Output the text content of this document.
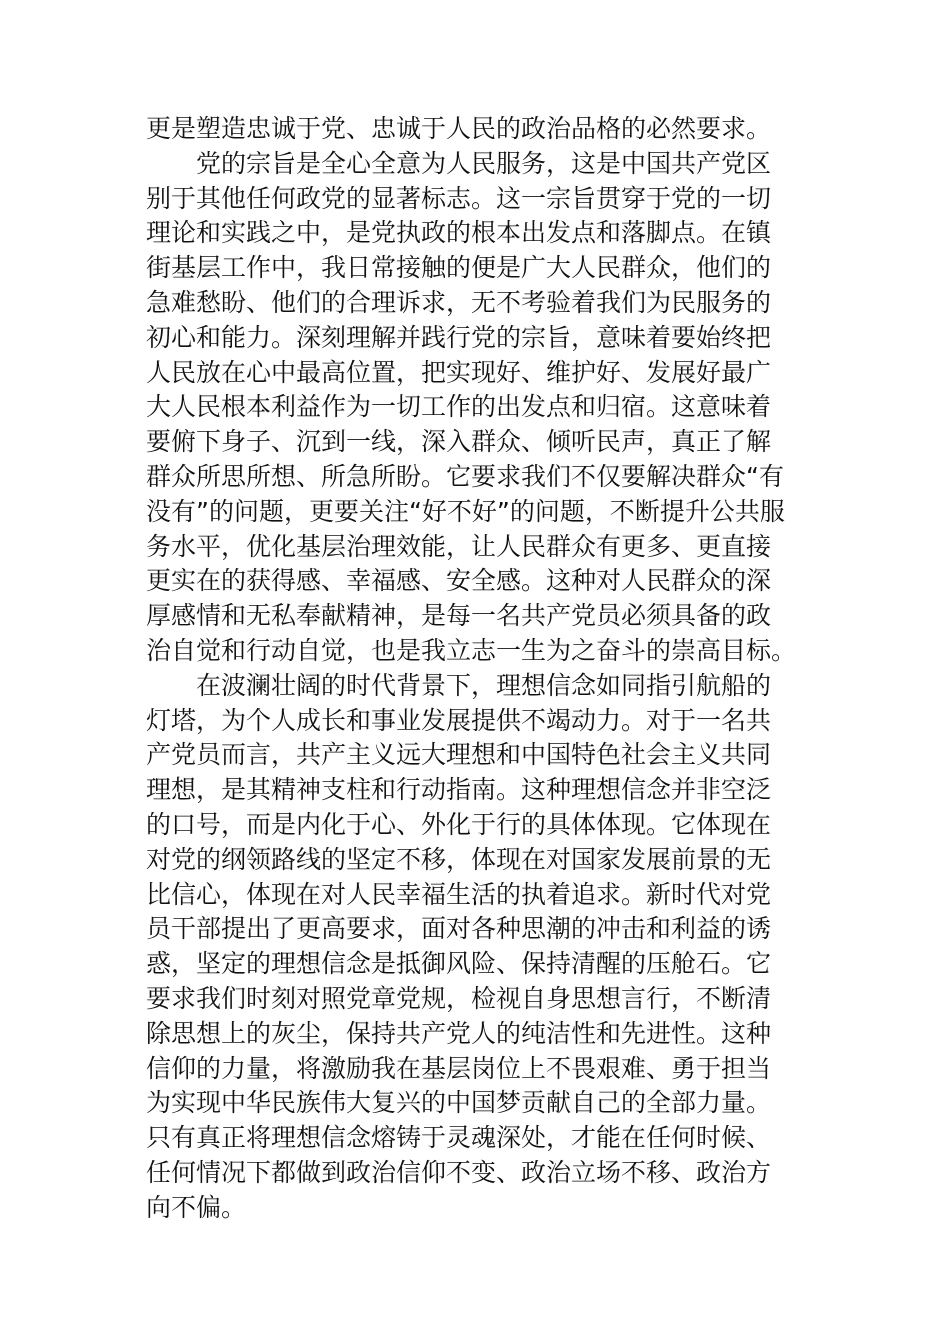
更是塑造忠诚于党、忠诚于人民的政治品格的必然要求。
　　党的宗旨是全心全意为人民服务，这是中国共产党区
别于其他任何政党的显著标志。这一宗旨贯穿于党的一切
理论和实践之中，是党执政的根本出发点和落脚点。在镇
街基层工作中，我日常接触的便是广大人民群众，他们的
急难愁盼、他们的合理诉求，无不考验着我们为民服务的
初心和能力。深刻理解并践行党的宗旨，意味着要始终把
人民放在心中最高位置，把实现好、维护好、发展好最广
大人民根本利益作为一切工作的出发点和归宿。这意味着
要俯下身子、沉到一线，深入群众、倾听民声，真正了解
群众所思所想、所急所盼。它要求我们不仅要解决群众“有
没有”的问题，更要关注“好不好”的问题，不断提升公共服
务水平，优化基层治理效能，让人民群众有更多、更直接
更实在的获得感、幸福感、安全感。这种对人民群众的深
厚感情和无私奉献精神，是每一名共产党员必须具备的政
治自觉和行动自觉，也是我立志一生为之奋斗的崇高目标。
　　在波澜壮阔的时代背景下，理想信念如同指引航船的
灯塔，为个人成长和事业发展提供不竭动力。对于一名共
产党员而言，共产主义远大理想和中国特色社会主义共同
理想，是其精神支柱和行动指南。这种理想信念并非空泛
的口号，而是内化于心、外化于行的具体体现。它体现在
对党的纲领路线的坚定不移，体现在对国家发展前景的无
比信心，体现在对人民幸福生活的执着追求。新时代对党
员干部提出了更高要求，面对各种思潮的冲击和利益的诱
惑，坚定的理想信念是抵御风险、保持清醒的压舱石。它
要求我们时刻对照党章党规，检视自身思想言行，不断清
除思想上的灰尘，保持共产党人的纯洁性和先进性。这种
信仰的力量，将激励我在基层岗位上不畏艰难、勇于担当
为实现中华民族伟大复兴的中国梦贡献自己的全部力量。
只有真正将理想信念熔铸于灵魂深处，才能在任何时候、
任何情况下都做到政治信仰不变、政治立场不移、政治方
向不偏。
